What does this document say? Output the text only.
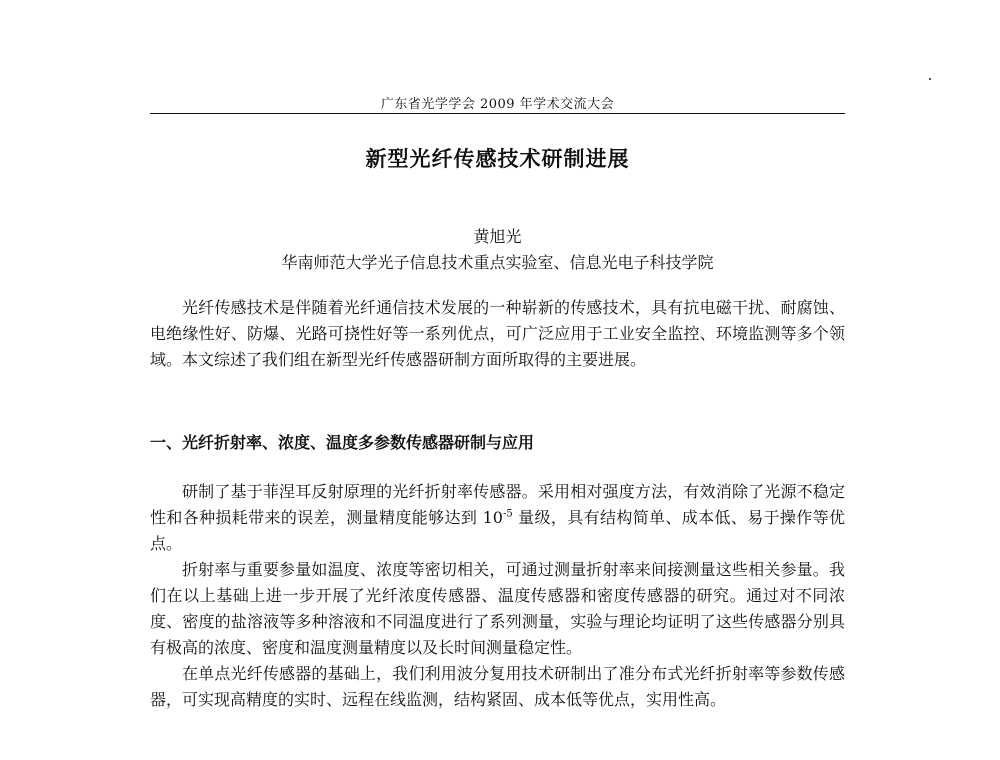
广东省光学学会 2009 年学术交流大会
新型光纤传感技术研制进展
黄旭光
华南师范大学光子信息技术重点实验室、信息光电子科技学院

光纤传感技术是伴随着光纤通信技术发展的一种崭新的传感技术，具有抗电磁干扰、耐腐蚀、电绝缘性好、防爆、光路可挠性好等一系列优点，可广泛应用于工业安全监控、环境监测等多个领域。本文综述了我们组在新型光纤传感器研制方面所取得的主要进展。

一、光纤折射率、浓度、温度多参数传感器研制与应用

研制了基于菲涅耳反射原理的光纤折射率传感器。采用相对强度方法，有效消除了光源不稳定性和各种损耗带来的误差，测量精度能够达到 $10^{-5}$ 量级，具有结构简单、成本低、易于操作等优点。

折射率与重要参量如温度、浓度等密切相关，可通过测量折射率来间接测量这些相关参量。我们在以上基础上进一步开展了光纤浓度传感器、温度传感器和密度传感器的研究。通过对不同浓度、密度的盐溶液等多种溶液和不同温度进行了系列测量，实验与理论均证明了这些传感器分别具有极高的浓度、密度和温度测量精度以及长时间测量稳定性。

在单点光纤传感器的基础上，我们利用波分复用技术研制出了准分布式光纤折射率等参数传感器，可实现高精度的实时、远程在线监测，结构紧固、成本低等优点，实用性高。
